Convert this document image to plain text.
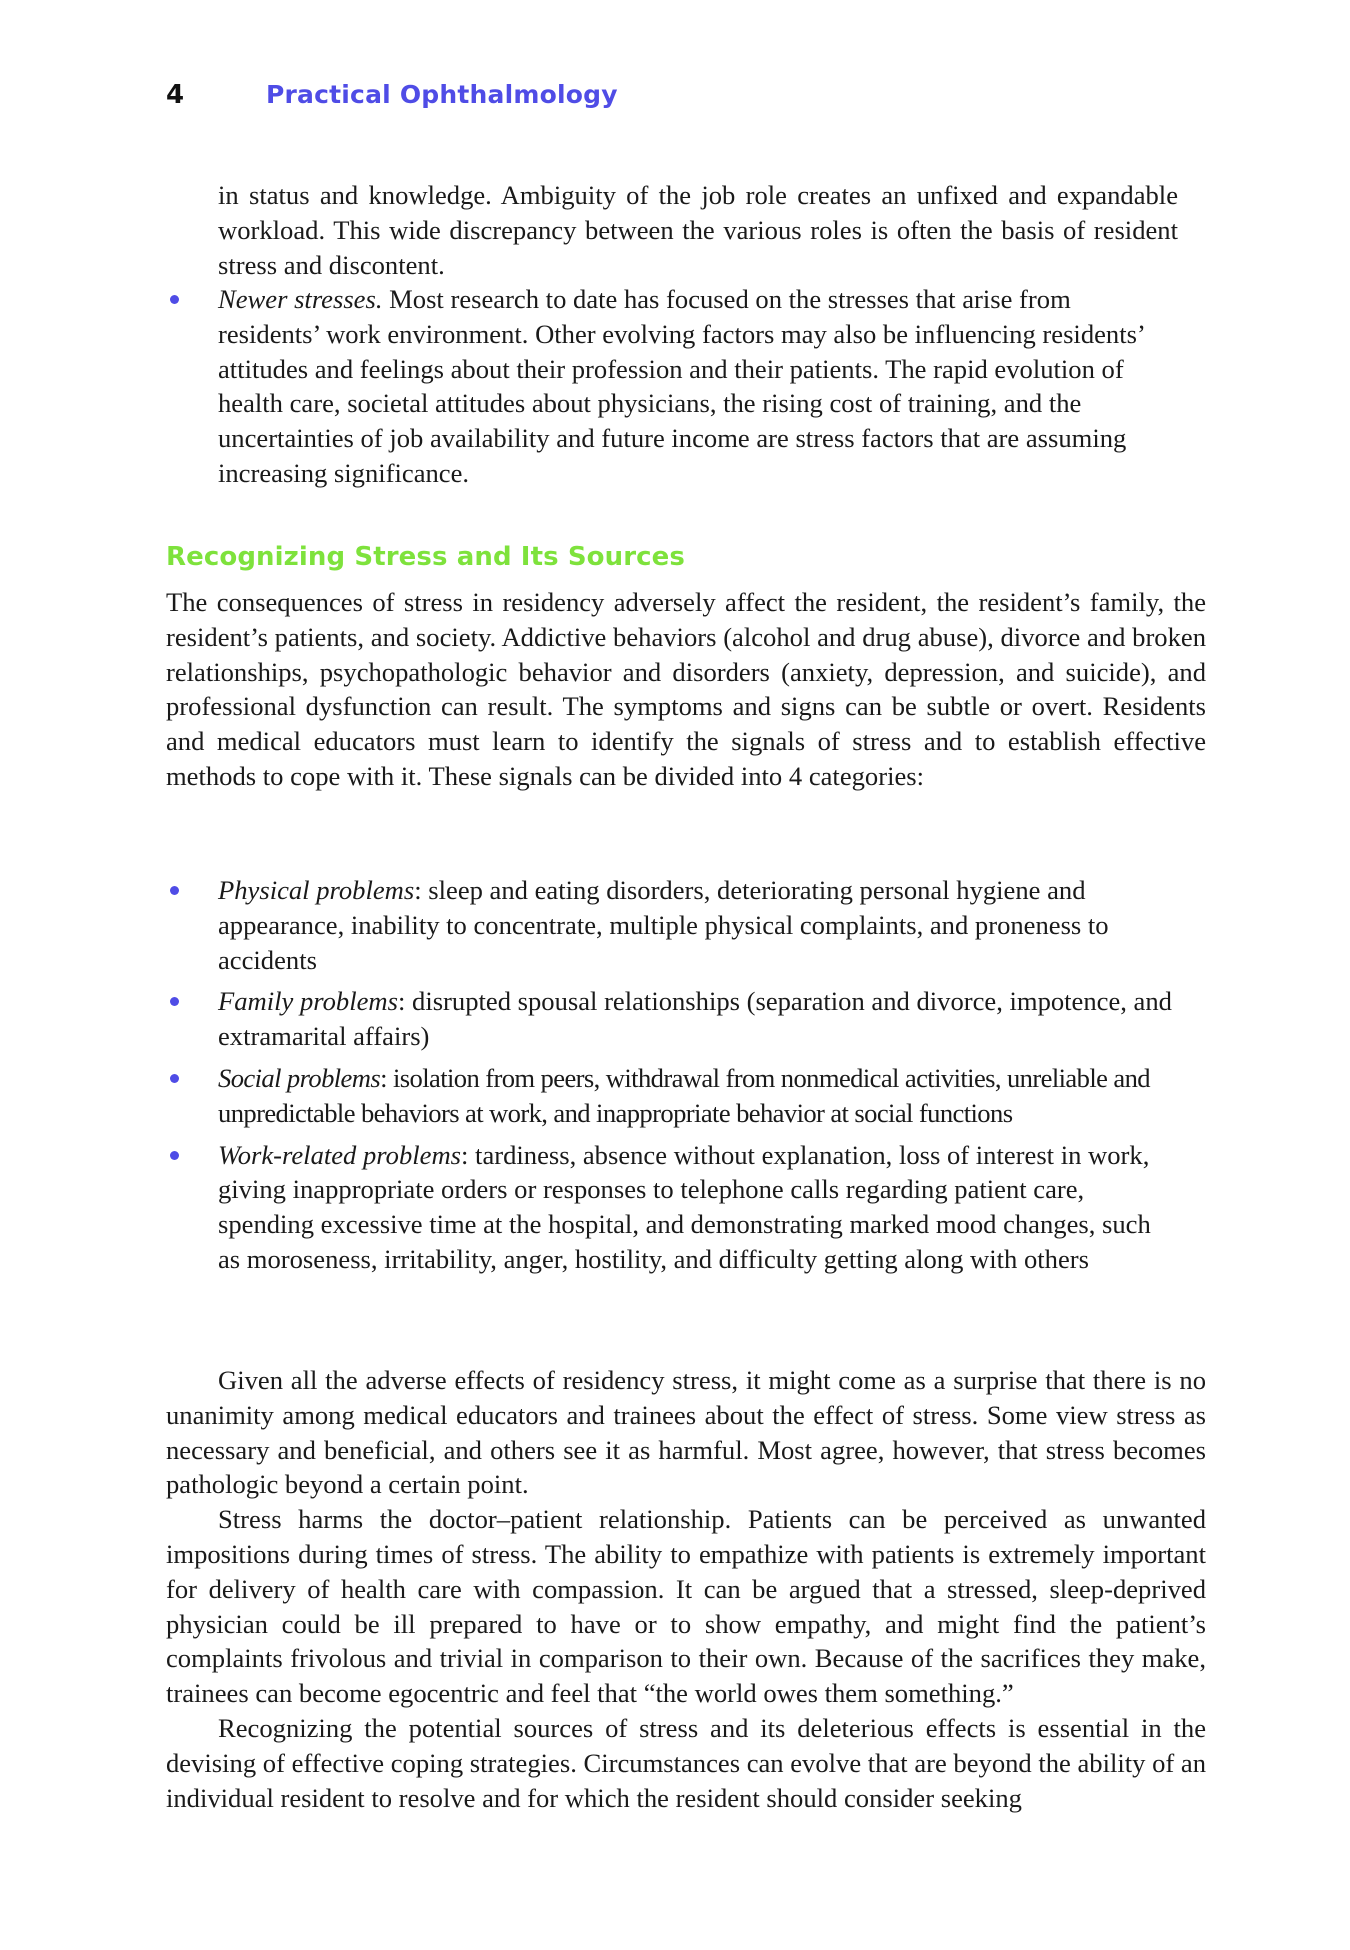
4	Practical Ophthalmology

in status and knowledge. Ambiguity of the job role creates an unfixed and expandable workload. This wide discrepancy between the various roles is often the basis of resident stress and discontent.

Newer stresses. Most research to date has focused on the stresses that arise from residents’ work environment. Other evolving factors may also be influencing residents’ attitudes and feelings about their profession and their patients. The rapid evolution of health care, societal attitudes about physicians, the rising cost of training, and the uncertainties of job availability and future income are stress factors that are assuming increasing significance.
Recognizing Stress and Its Sources

The consequences of stress in residency adversely affect the resident, the resident’s family, the resident’s patients, and society. Addictive behaviors (alcohol and drug abuse), divorce and broken relationships, psychopathologic behavior and disorders (anxiety, depression, and suicide), and professional dysfunction can result. The symptoms and signs can be subtle or overt. Residents and medical educators must learn to identify the signals of stress and to establish effective methods to cope with it. These signals can be divided into 4 categories:

Physical problems: sleep and eating disorders, deteriorating personal hygiene and appearance, inability to concentrate, multiple physical complaints, and proneness to accidents
Family problems: disrupted spousal relationships (separation and divorce, impotence, and extramarital affairs)
Social problems: isolation from peers, withdrawal from nonmedical activities, unreliable and unpredictable behaviors at work, and inappropriate behavior at social functions
Work-related problems: tardiness, absence without explanation, loss of interest in work, giving inappropriate orders or responses to telephone calls regarding patient care, spending excessive time at the hospital, and demonstrating marked mood changes, such as moroseness, irritability, anger, hostility, and difficulty getting along with others

Given all the adverse effects of residency stress, it might come as a surprise that there is no unanimity among medical educators and trainees about the effect of stress. Some view stress as necessary and beneficial, and others see it as harmful. Most agree, however, that stress becomes pathologic beyond a certain point.

Stress harms the doctor–patient relationship. Patients can be perceived as unwanted impositions during times of stress. The ability to empathize with patients is extremely important for delivery of health care with compassion. It can be argued that a stressed, sleep-deprived physician could be ill prepared to have or to show empathy, and might find the patient’s complaints frivolous and trivial in comparison to their own. Because of the sacrifices they make, trainees can become egocentric and feel that “the world owes them something.”

Recognizing the potential sources of stress and its deleterious effects is essential in the devising of effective coping strategies. Circumstances can evolve that are beyond the ability of an individual resident to resolve and for which the resident should consider seeking
